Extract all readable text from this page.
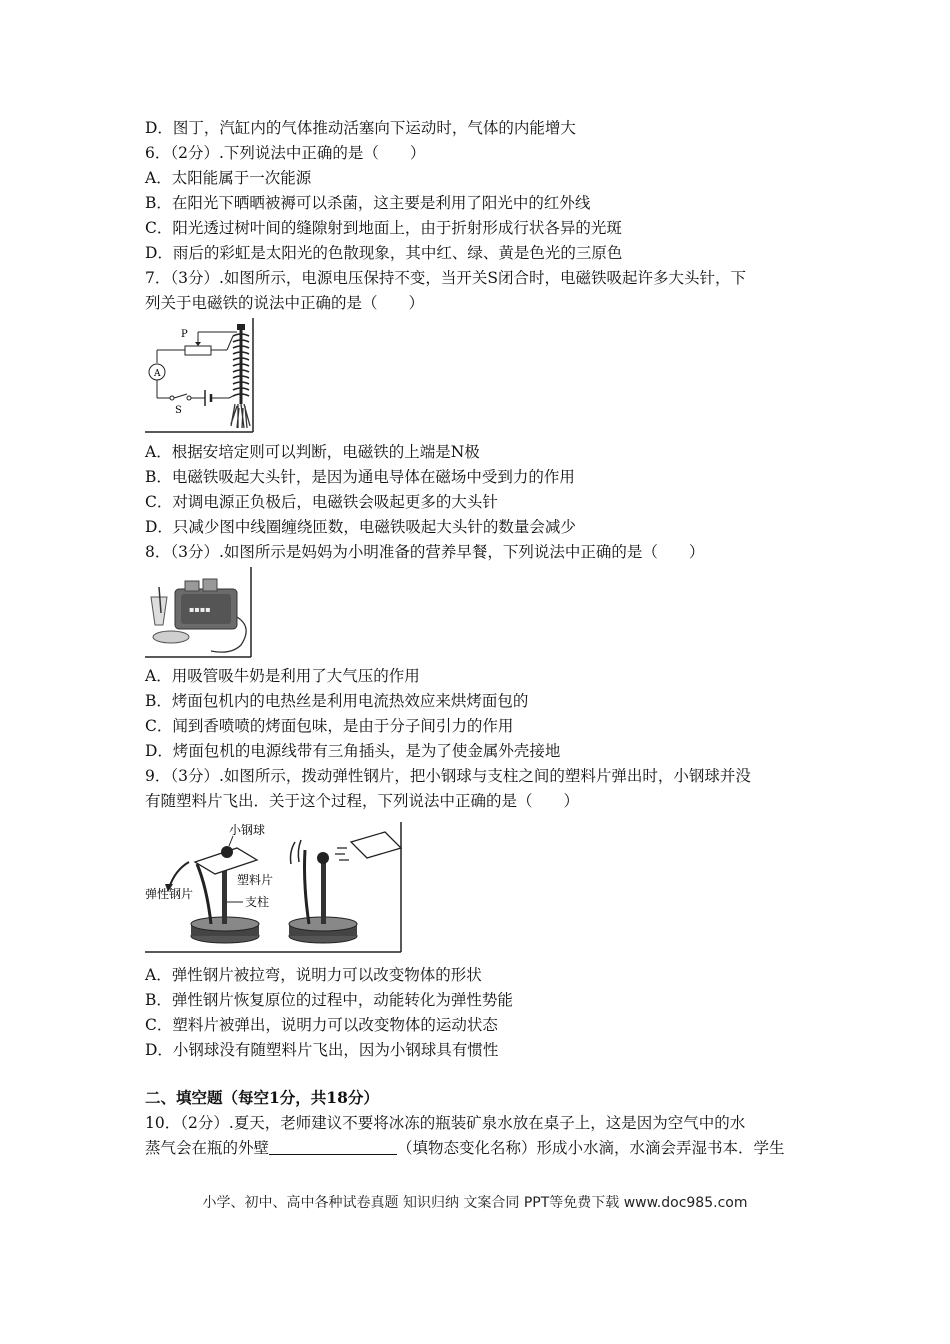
D．图丁，汽缸内的气体推动活塞向下运动时，气体的内能增大
6．（2分）.下列说法中正确的是（　　）
A．太阳能属于一次能源
B．在阳光下晒晒被褥可以杀菌，这主要是利用了阳光中的红外线
C．阳光透过树叶间的缝隙射到地面上，由于折射形成行状各异的光斑
D．雨后的彩虹是太阳光的色散现象，其中红、绿、黄是色光的三原色
7．（3分）.如图所示，电源电压保持不变，当开关S闭合时，电磁铁吸起许多大头针，下
列关于电磁铁的说法中正确的是（　　）
P
A
S
A．根据安培定则可以判断，电磁铁的上端是N极
B．电磁铁吸起大头针，是因为通电导体在磁场中受到力的作用
C．对调电源正负极后，电磁铁会吸起更多的大头针
D．只减少图中线圈缠绕匝数，电磁铁吸起大头针的数量会减少
8．（3分）.如图所示是妈妈为小明准备的营养早餐，下列说法中正确的是（　　）
▪▪▪▪
A．用吸管吸牛奶是利用了大气压的作用
B．烤面包机内的电热丝是利用电流热效应来烘烤面包的
C．闻到香喷喷的烤面包味，是由于分子间引力的作用
D．烤面包机的电源线带有三角插头，是为了使金属外壳接地
9．（3分）.如图所示，拨动弹性钢片，把小钢球与支柱之间的塑料片弹出时，小钢球并没
有随塑料片飞出．关于这个过程，下列说法中正确的是（　　）
小钢球
弹性钢片
塑料片
支柱
A．弹性钢片被拉弯，说明力可以改变物体的形状
B．弹性钢片恢复原位的过程中，动能转化为弹性势能
C．塑料片被弹出，说明力可以改变物体的运动状态
D．小钢球没有随塑料片飞出，因为小钢球具有惯性
二、填空题（每空1分，共18分）
10．（2分）.夏天，老师建议不要将冰冻的瓶装矿泉水放在桌子上，这是因为空气中的水
蒸气会在瓶的外壁	（填物态变化名称）形成小水滴，水滴会弄湿书本．学生
小学、初中、高中各种试卷真题 知识归纳 文案合同 PPT等免费下载 www.doc985.com
